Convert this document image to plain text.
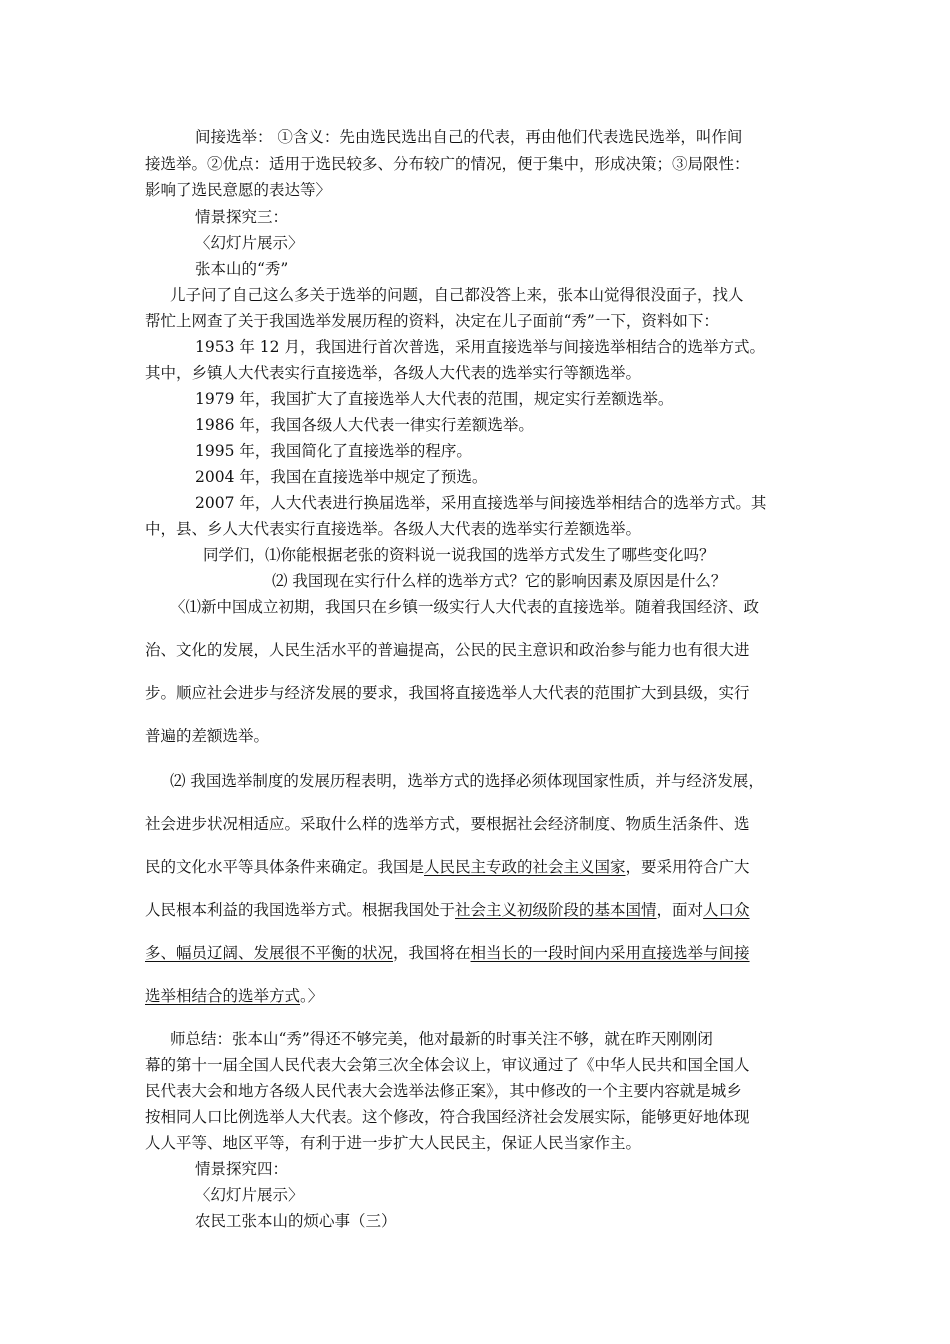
间接选举： ①含义：先由选民选出自己的代表，再由他们代表选民选举，叫作间
接选举。②优点：适用于选民较多、分布较广的情况，便于集中，形成决策；③局限性：
影响了选民意愿的表达等〉
情景探究三：
〈幻灯片展示〉
张本山的“秀”
儿子问了自己这么多关于选举的问题，自己都没答上来，张本山觉得很没面子，找人
帮忙上网查了关于我国选举发展历程的资料，决定在儿子面前“秀”一下，资料如下：
1953 年 12 月，我国进行首次普选，采用直接选举与间接选举相结合的选举方式。
其中，乡镇人大代表实行直接选举，各级人大代表的选举实行等额选举。
1979 年，我国扩大了直接选举人大代表的范围，规定实行差额选举。
1986 年，我国各级人大代表一律实行差额选举。
1995 年，我国简化了直接选举的程序。
2004 年，我国在直接选举中规定了预选。
2007 年，人大代表进行换届选举，采用直接选举与间接选举相结合的选举方式。其
中，县、乡人大代表实行直接选举。各级人大代表的选举实行差额选举。
同学们，⑴你能根据老张的资料说一说我国的选举方式发生了哪些变化吗？
⑵ 我国现在实行什么样的选举方式？它的影响因素及原因是什么？
〈⑴新中国成立初期，我国只在乡镇一级实行人大代表的直接选举。随着我国经济、政
治、文化的发展，人民生活水平的普遍提高，公民的民主意识和政治参与能力也有很大进
步。顺应社会进步与经济发展的要求，我国将直接选举人大代表的范围扩大到县级，实行
普遍的差额选举。
⑵ 我国选举制度的发展历程表明，选举方式的选择必须体现国家性质，并与经济发展，
社会进步状况相适应。采取什么样的选举方式，要根据社会经济制度、物质生活条件、选
民的文化水平等具体条件来确定。我国是人民民主专政的社会主义国家，要采用符合广大
人民根本利益的我国选举方式。根据我国处于社会主义初级阶段的基本国情，面对人口众
多、幅员辽阔、发展很不平衡的状况，我国将在相当长的一段时间内采用直接选举与间接
选举相结合的选举方式。〉
师总结：张本山“秀”得还不够完美，他对最新的时事关注不够，就在昨天刚刚闭
幕的第十一届全国人民代表大会第三次全体会议上，审议通过了《中华人民共和国全国人
民代表大会和地方各级人民代表大会选举法修正案》，其中修改的一个主要内容就是城乡
按相同人口比例选举人大代表。这个修改，符合我国经济社会发展实际，能够更好地体现
人人平等、地区平等，有利于进一步扩大人民民主，保证人民当家作主。
情景探究四：
〈幻灯片展示〉
农民工张本山的烦心事（三）
